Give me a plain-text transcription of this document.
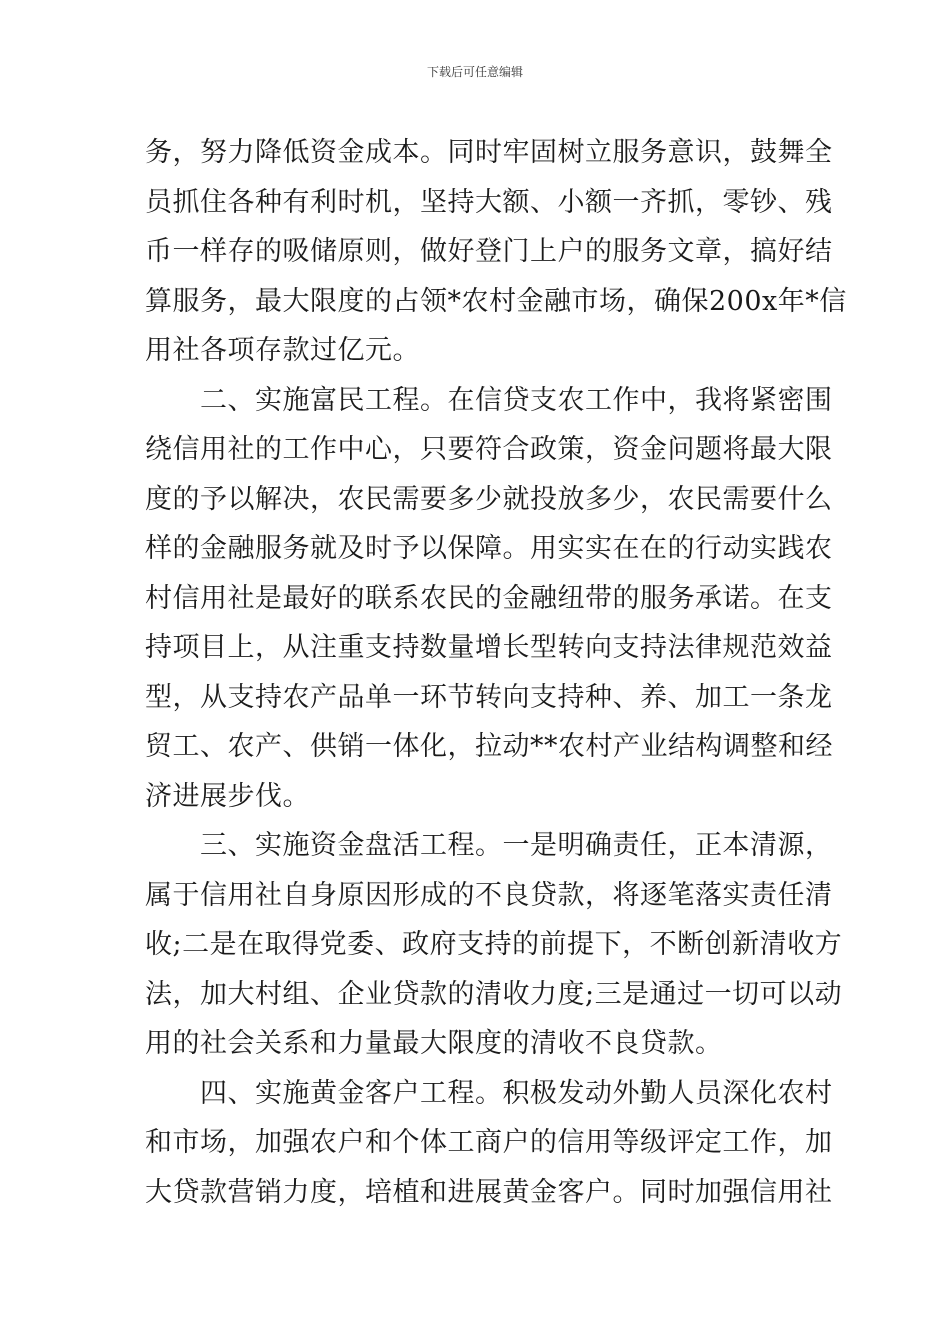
下载后可任意编辑
务，努力降低资金成本。同时牢固树立服务意识，鼓舞全
员抓住各种有利时机，坚持大额、小额一齐抓，零钞、残
币一样存的吸储原则，做好登门上户的服务文章，搞好结
算服务，最大限度的占领*农村金融市场，确保200x年*信
用社各项存款过亿元。
　　二、实施富民工程。在信贷支农工作中，我将紧密围
绕信用社的工作中心，只要符合政策，资金问题将最大限
度的予以解决，农民需要多少就投放多少，农民需要什么
样的金融服务就及时予以保障。用实实在在的行动实践农
村信用社是最好的联系农民的金融纽带的服务承诺。在支
持项目上，从注重支持数量增长型转向支持法律规范效益
型，从支持农产品单一环节转向支持种、养、加工一条龙
贸工、农产、供销一体化，拉动**农村产业结构调整和经
济进展步伐。
　　三、实施资金盘活工程。一是明确责任，正本清源，
属于信用社自身原因形成的不良贷款，将逐笔落实责任清
收;二是在取得党委、政府支持的前提下，不断创新清收方
法，加大村组、企业贷款的清收力度;三是通过一切可以动
用的社会关系和力量最大限度的清收不良贷款。
　　四、实施黄金客户工程。积极发动外勤人员深化农村
和市场，加强农户和个体工商户的信用等级评定工作，加
大贷款营销力度，培植和进展黄金客户。同时加强信用社
